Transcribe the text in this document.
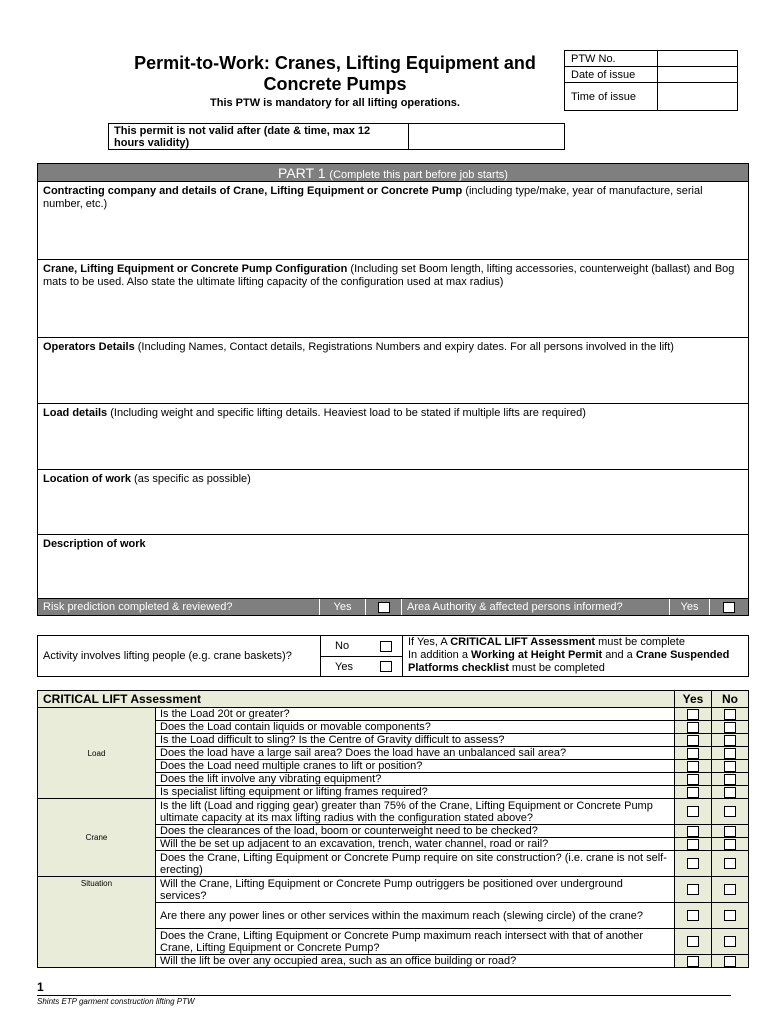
Permit-to-Work: Cranes, Lifting Equipment and Concrete Pumps
This PTW is mandatory for all lifting operations.
PTW No.	
Date of issue	
Time of issue	
This permit is not valid after (date & time, max 12 hours validity)
PART 1 (Complete this part before job starts)
Contracting company and details of Crane, Lifting Equipment or Concrete Pump (including type/make, year of manufacture, serial number, etc.)
Crane, Lifting Equipment or Concrete Pump Configuration (Including set Boom length, lifting accessories, counterweight (ballast) and Bog mats to be used. Also state the ultimate lifting capacity of the configuration used at max radius)
Operators Details (Including Names, Contact details, Registrations Numbers and expiry dates. For all persons involved in the lift)
Load details (Including weight and specific lifting details. Heaviest load to be stated if multiple lifts are required)
Location of work (as specific as possible)
Description of work
Risk prediction completed & reviewed?	Yes	Area Authority & affected persons informed?	Yes
Activity involves lifting people (e.g. crane baskets)?
No
Yes
If Yes, A CRITICAL LIFT Assessment must be complete
In addition a Working at Height Permit and a Crane Suspended Platforms checklist must be completed
CRITICAL LIFT Assessment		Yes	No
Load	Is the Load 20t or greater?		
	Does the Load contain liquids or movable components?		
	Is the Load difficult to sling? Is the Centre of Gravity difficult to assess?		
	Does the load have a large sail area? Does the load have an unbalanced sail area?		
	Does the Load need multiple cranes to lift or position?		
	Does the lift involve any vibrating equipment?		
	Is specialist lifting equipment or lifting frames required?		
Crane	Is the lift (Load and rigging gear) greater than 75% of the Crane, Lifting Equipment or Concrete Pump ultimate capacity at its max lifting radius with the configuration stated above?		
	Does the clearances of the load, boom or counterweight need to be checked?		
	Will the be set up adjacent to an excavation, trench, water channel, road or rail?		
	Does the Crane, Lifting Equipment or Concrete Pump require on site construction? (i.e. crane is not self-erecting)		
Situation	Will the Crane, Lifting Equipment or Concrete Pump outriggers be positioned over underground services?		
	Are there any power lines or other services within the maximum reach (slewing circle) of the crane?		
	Does the Crane, Lifting Equipment or Concrete Pump maximum reach intersect with that of another Crane, Lifting Equipment or Concrete Pump?		
	Will the lift be over any occupied area, such as an office building or road?		
1
Shints ETP garment construction lifting PTW
